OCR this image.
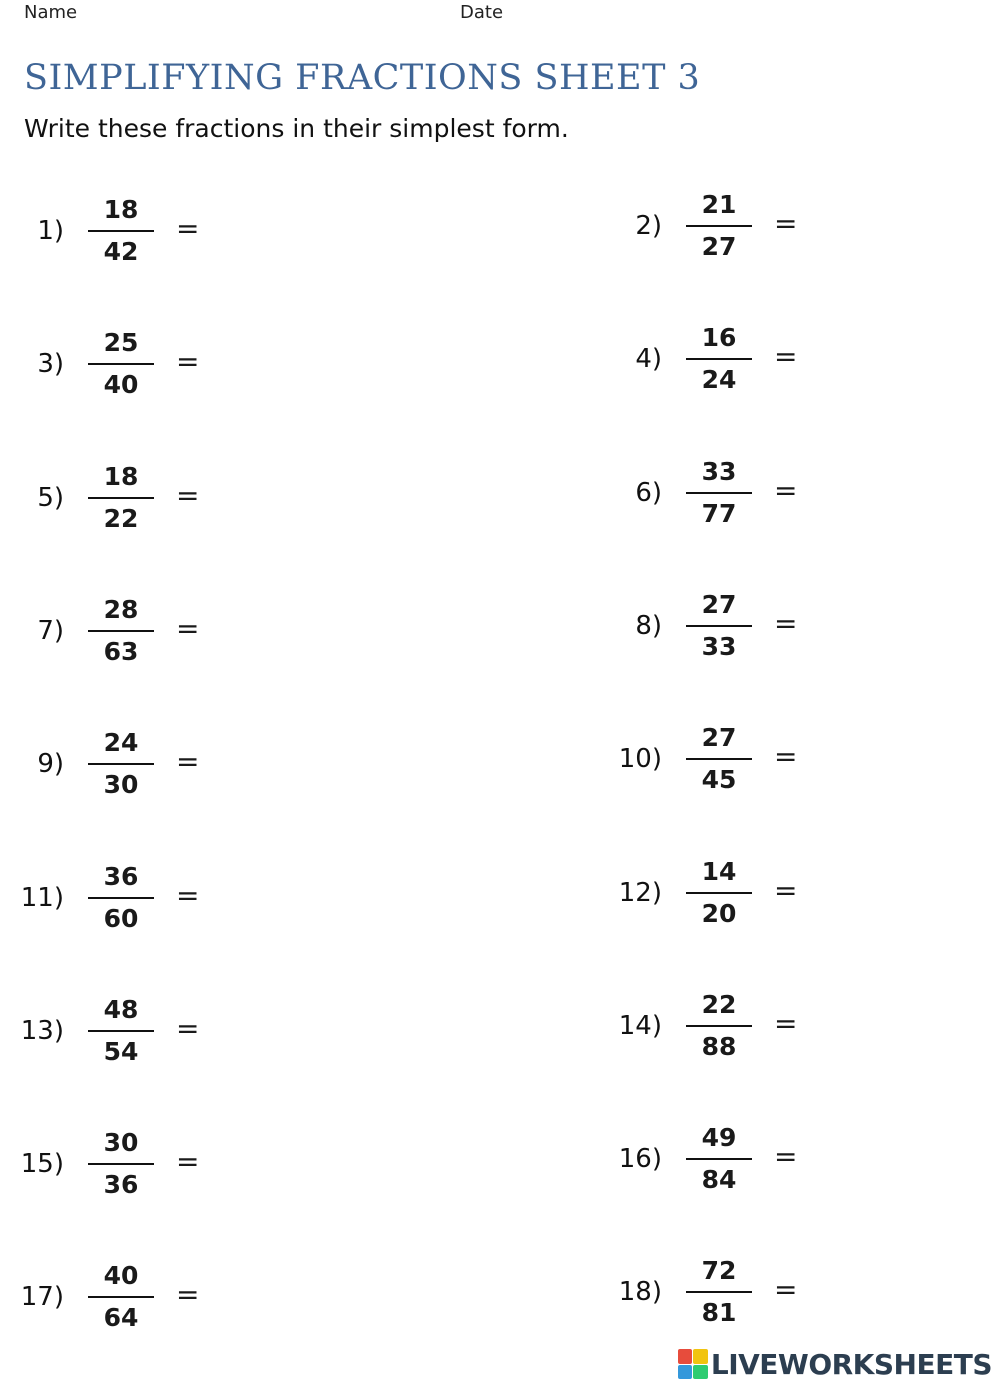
Name	Date
SIMPLIFYING FRACTIONS SHEET 3
Write these fractions in their simplest form.
1)
18
42
=	2)
21
27
=
3)
25
40
=	4)
16
24
=
5)
18
22
=	6)
33
77
=
7)
28
63
=	8)
27
33
=
9)
24
30
=	10)
27
45
=
11)
36
60
=	12)
14
20
=
13)
48
54
=	14)
22
88
=
15)
30
36
=	16)
49
84
=
17)
40
64
=	18)
72
81
=
LIVEWORKSHEETS
